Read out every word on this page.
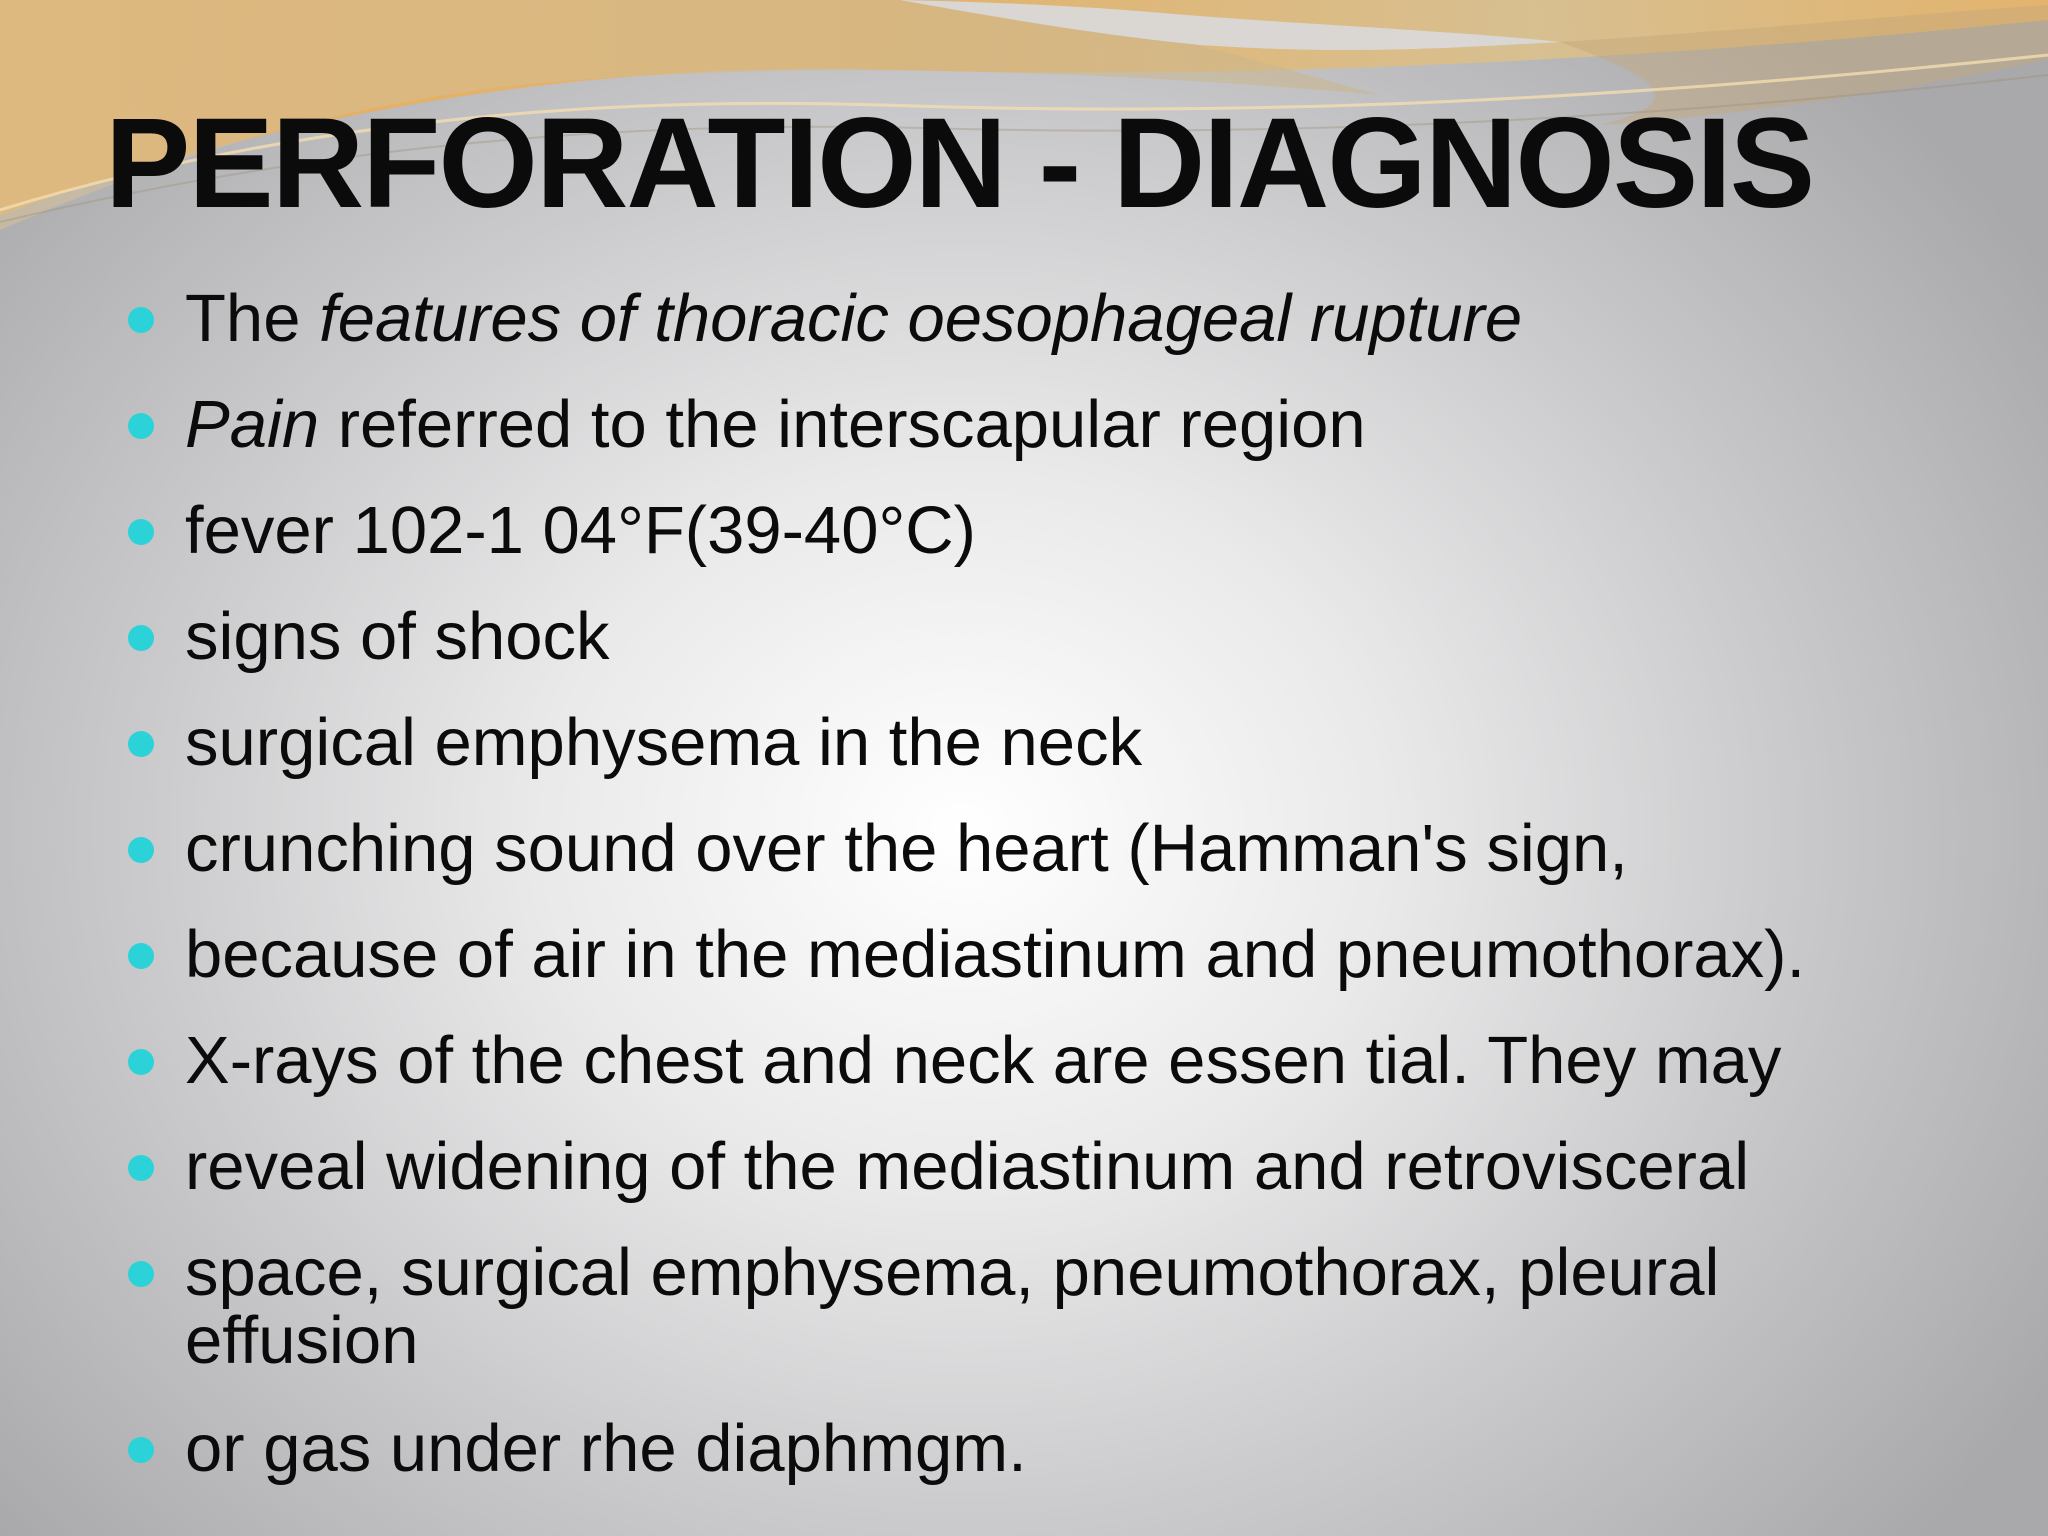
PERFORATION - DIAGNOSIS
The features of thoracic oesophageal rupture
Pain referred to the interscapular region
fever 102-1 04°F(39-40°C)
signs of shock
surgical emphysema in the neck
crunching sound over the heart (Hamman's sign,
because of air in the mediastinum and pneumothorax).
X-rays of the chest and neck are essen tial. They may
reveal widening of the mediastinum and retrovisceral
space, surgical emphysema, pneumothorax, pleural
effusion
or gas under rhe diaphmgm.
